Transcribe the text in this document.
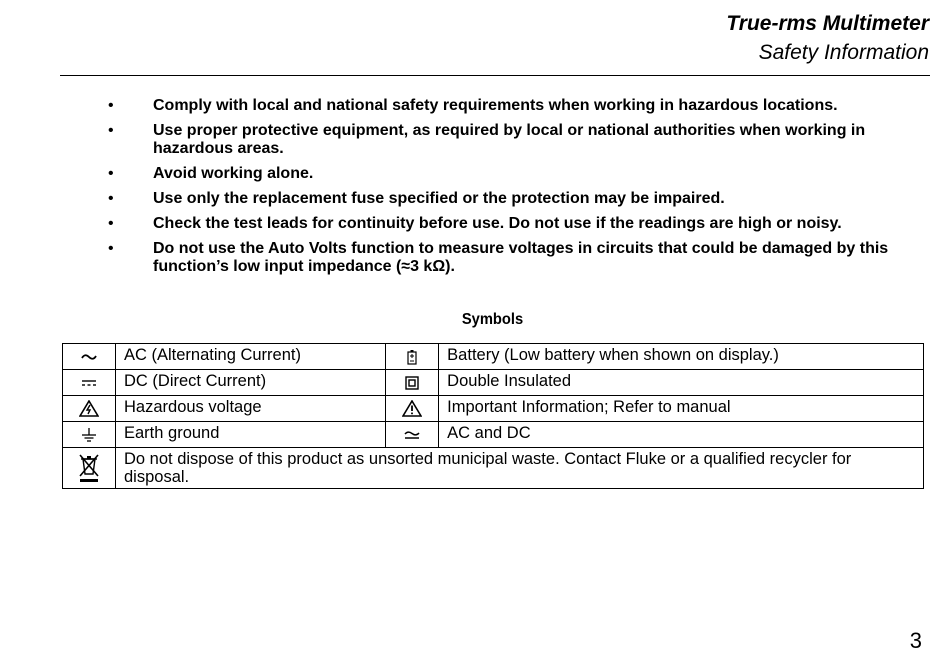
True-rms Multimeter
Safety Information
• Comply with local and national safety requirements when working in hazardous locations.
• Use proper protective equipment, as required by local or national authorities when working in hazardous areas.
• Avoid working alone.
• Use only the replacement fuse specified or the protection may be impaired.
• Check the test leads for continuity before use. Do not use if the readings are high or noisy.
• Do not use the Auto Volts function to measure voltages in circuits that could be damaged by this function’s low input impedance (≈3 kΩ).
Symbols
	AC (Alternating Current)		Battery (Low battery when shown on display.)

	DC (Direct Current)		Double Insulated

	Hazardous voltage		Important Information; Refer to manual

	Earth ground		AC and DC

	Do not dispose of this product as unsorted municipal waste. Contact Fluke or a qualified recycler for disposal.		
3
